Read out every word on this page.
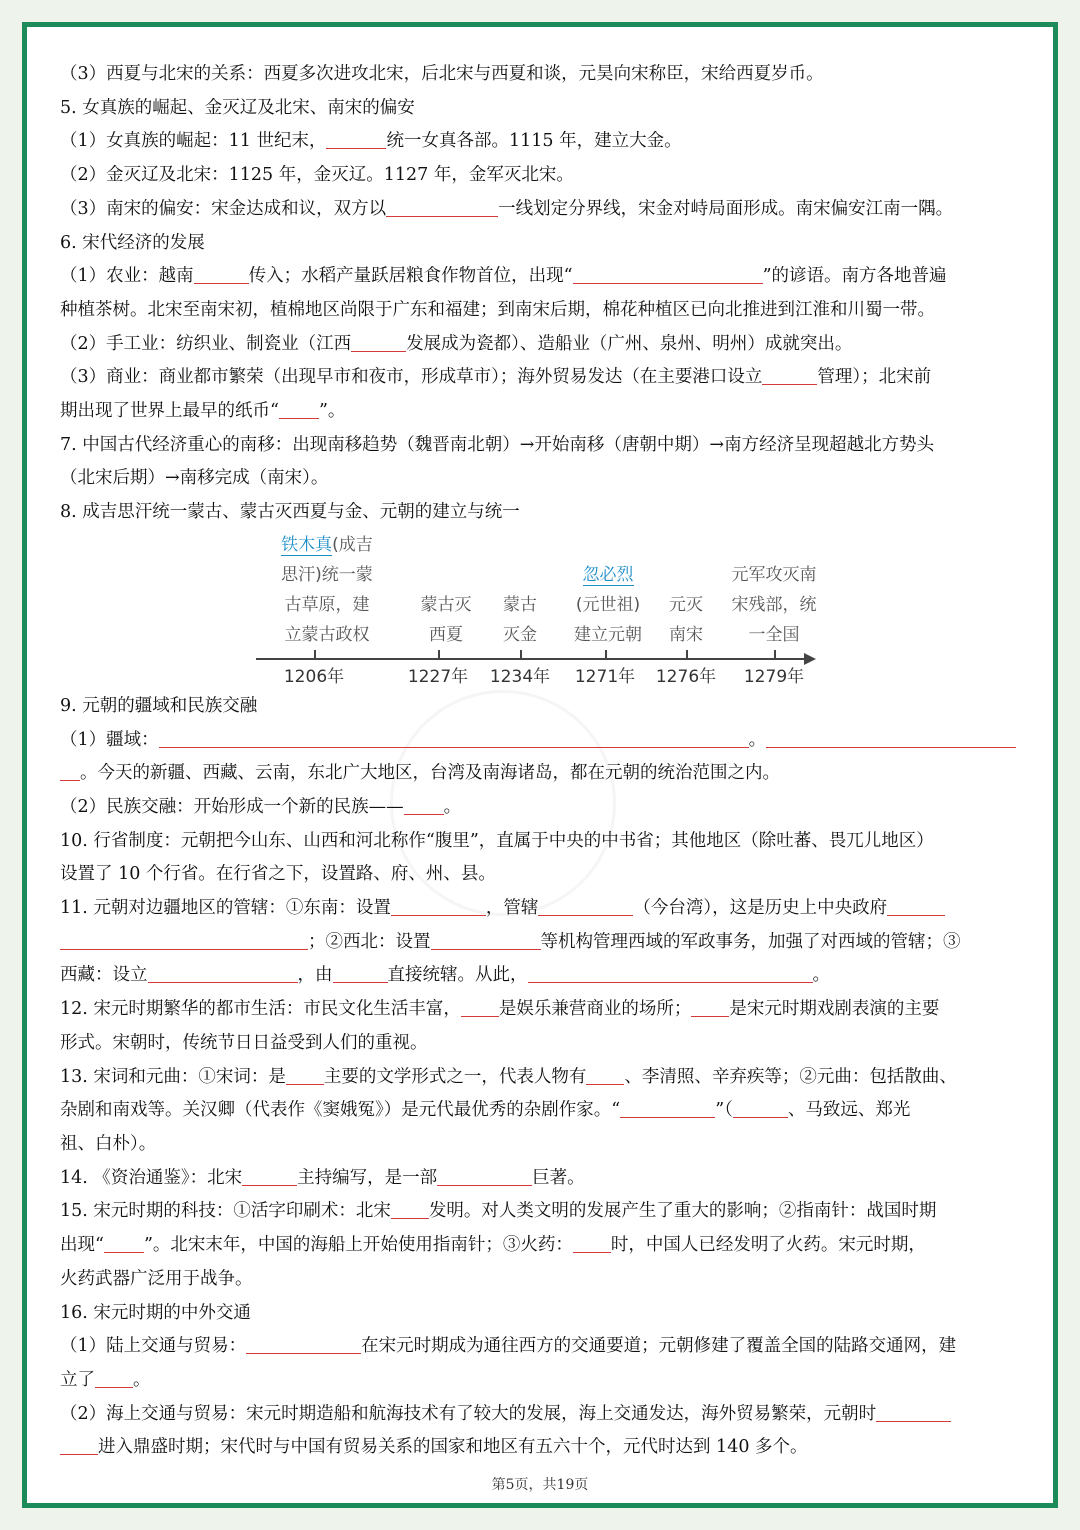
（3）西夏与北宋的关系：西夏多次进攻北宋，后北宋与西夏和谈，元昊向宋称臣，宋给西夏岁币。
5. 女真族的崛起、金灭辽及北宋、南宋的偏安
（1）女真族的崛起：11 世纪末，	统一女真各部。1115 年，建立大金。
（2）金灭辽及北宋：1125 年，金灭辽。1127 年，金军灭北宋。
（3）南宋的偏安：宋金达成和议，双方以	一线划定分界线，宋金对峙局面形成。南宋偏安江南一隅。
6. 宋代经济的发展
（1）农业：越南	传入；水稻产量跃居粮食作物首位，出现“	”的谚语。南方各地普遍
种植茶树。北宋至南宋初，植棉地区尚限于广东和福建；到南宋后期，棉花种植区已向北推进到江淮和川蜀一带。
（2）手工业：纺织业、制瓷业（江西	发展成为瓷都）、造船业（广州、泉州、明州）成就突出。
（3）商业：商业都市繁荣（出现早市和夜市，形成草市）；海外贸易发达（在主要港口设立	管理）；北宋前
期出现了世界上最早的纸币“ ”。
7. 中国古代经济重心的南移：出现南移趋势（魏晋南北朝）→开始南移（唐朝中期）→南方经济呈现超越北方势头
（北宋后期）→南移完成（南宋）。
8. 成吉思汗统一蒙古、蒙古灭西夏与金、元朝的建立与统一
铁木真(成吉
思汗)统一蒙
古草原，建
立蒙古政权
蒙古灭
西夏
蒙古
灭金
忽必烈
(元世祖)
建立元朝
元灭
南宋
元军攻灭南
宋残部，统
一全国
1206年	1227年 1234年 1271年 1276年 1279年
9. 元朝的疆域和民族交融
（1）疆域：	。
。今天的新疆、西藏、云南，东北广大地区，台湾及南海诸岛，都在元朝的统治范围之内。
（2）民族交融：开始形成一个新的民族—— 。
10. 行省制度：元朝把今山东、山西和河北称作“腹里”，直属于中央的中书省；其他地区（除吐蕃、畏兀儿地区）
设置了 10 个行省。在行省之下，设置路、府、州、县。
11. 元朝对边疆地区的管辖：①东南：设置	，管辖	（今台湾），这是历史上中央政府
；②西北：设置	等机构管理西域的军政事务，加强了对西域的管辖；③
西藏：设立	，由	直接统辖。从此，	。
12. 宋元时期繁华的都市生活：市民文化生活丰富， 是娱乐兼营商业的场所； 是宋元时期戏剧表演的主要
形式。宋朝时，传统节日日益受到人们的重视。
13. 宋词和元曲：①宋词：是 主要的文学形式之一，代表人物有 、李清照、辛弃疾等；②元曲：包括散曲、
杂剧和南戏等。关汉卿（代表作《窦娥冤》）是元代最优秀的杂剧作家。“	”（	、马致远、郑光
祖、白朴）。
14. 《资治通鉴》：北宋	主持编写，是一部	巨著。
15. 宋元时期的科技：①活字印刷术：北宋 发明。对人类文明的发展产生了重大的影响；②指南针：战国时期
出现“ ”。北宋末年，中国的海船上开始使用指南针；③火药： 时，中国人已经发明了火药。宋元时期，
火药武器广泛用于战争。
16. 宋元时期的中外交通
（1）陆上交通与贸易：	在宋元时期成为通往西方的交通要道；元朝修建了覆盖全国的陆路交通网，建
立了 。
（2）海上交通与贸易：宋元时期造船和航海技术有了较大的发展，海上交通发达，海外贸易繁荣，元朝时
进入鼎盛时期；宋代时与中国有贸易关系的国家和地区有五六十个，元代时达到 140 多个。
第5页，共19页
